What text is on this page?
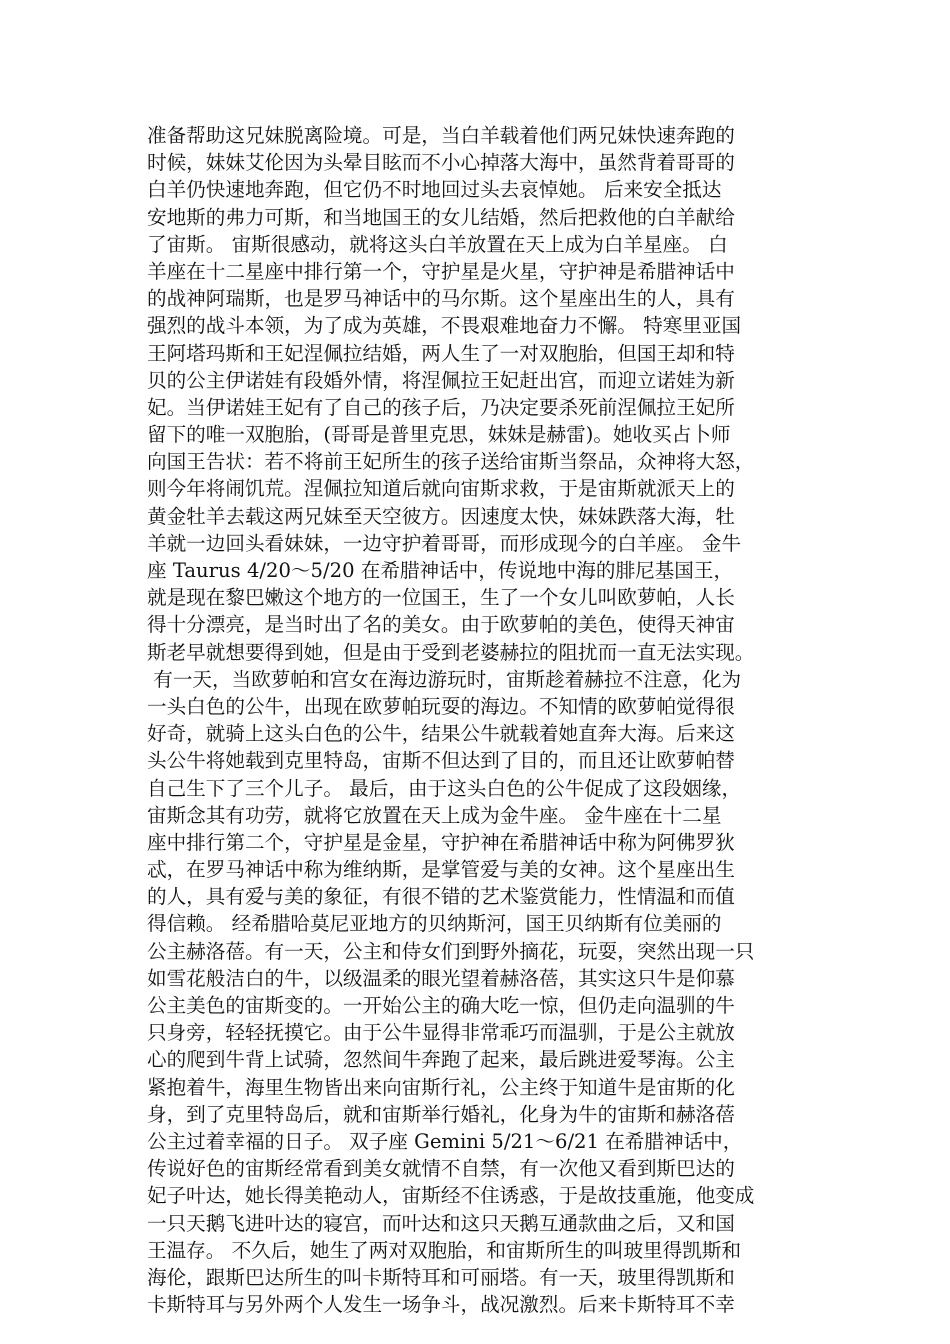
准备帮助这兄妹脱离险境。可是，当白羊载着他们两兄妹快速奔跑的
时候，妹妹艾伦因为头晕目眩而不小心掉落大海中，虽然背着哥哥的
白羊仍快速地奔跑，但它仍不时地回过头去哀悼她。 后来安全抵达
安地斯的弗力可斯，和当地国王的女儿结婚，然后把救他的白羊献给
了宙斯。 宙斯很感动，就将这头白羊放置在天上成为白羊星座。 白
羊座在十二星座中排行第一个，守护星是火星，守护神是希腊神话中
的战神阿瑞斯，也是罗马神话中的马尔斯。这个星座出生的人，具有
强烈的战斗本领，为了成为英雄，不畏艰难地奋力不懈。 特寒里亚国
王阿塔玛斯和王妃涅佩拉结婚，两人生了一对双胞胎，但国王却和特
贝的公主伊诺娃有段婚外情，将涅佩拉王妃赶出宫，而迎立诺娃为新
妃。当伊诺娃王妃有了自己的孩子后，乃决定要杀死前涅佩拉王妃所
留下的唯一双胞胎，(哥哥是普里克思，妹妹是赫雷)。她收买占卜师
向国王告状：若不将前王妃所生的孩子送给宙斯当祭品，众神将大怒，
则今年将闹饥荒。涅佩拉知道后就向宙斯求救，于是宙斯就派天上的
黄金牡羊去载这两兄妹至天空彼方。因速度太快，妹妹跌落大海，牡
羊就一边回头看妹妹，一边守护着哥哥，而形成现今的白羊座。 金牛
座 Taurus 4/20～5/20 在希腊神话中，传说地中海的腓尼基国王，
就是现在黎巴嫩这个地方的一位国王，生了一个女儿叫欧萝帕，人长
得十分漂亮，是当时出了名的美女。由于欧萝帕的美色，使得天神宙
斯老早就想要得到她，但是由于受到老婆赫拉的阻扰而一直无法实现。
有一天，当欧萝帕和宫女在海边游玩时，宙斯趁着赫拉不注意，化为
一头白色的公牛，出现在欧萝帕玩耍的海边。不知情的欧萝帕觉得很
好奇，就骑上这头白色的公牛，结果公牛就载着她直奔大海。后来这
头公牛将她载到克里特岛，宙斯不但达到了目的，而且还让欧萝帕替
自己生下了三个儿子。 最后，由于这头白色的公牛促成了这段姻缘，
宙斯念其有功劳，就将它放置在天上成为金牛座。 金牛座在十二星
座中排行第二个，守护星是金星，守护神在希腊神话中称为阿佛罗狄
忒，在罗马神话中称为维纳斯，是掌管爱与美的女神。这个星座出生
的人，具有爱与美的象征，有很不错的艺术鉴赏能力，性情温和而值
得信赖。 经希腊哈莫尼亚地方的贝纳斯河，国王贝纳斯有位美丽的
公主赫洛蓓。有一天，公主和侍女们到野外摘花，玩耍，突然出现一只
如雪花般洁白的牛，以级温柔的眼光望着赫洛蓓，其实这只牛是仰慕
公主美色的宙斯变的。一开始公主的确大吃一惊，但仍走向温驯的牛
只身旁，轻轻抚摸它。由于公牛显得非常乖巧而温驯，于是公主就放
心的爬到牛背上试骑，忽然间牛奔跑了起来，最后跳进爱琴海。公主
紧抱着牛，海里生物皆出来向宙斯行礼，公主终于知道牛是宙斯的化
身，到了克里特岛后，就和宙斯举行婚礼，化身为牛的宙斯和赫洛蓓
公主过着幸福的日子。 双子座 Gemini 5/21～6/21 在希腊神话中，
传说好色的宙斯经常看到美女就情不自禁，有一次他又看到斯巴达的
妃子叶达，她长得美艳动人，宙斯经不住诱惑，于是故技重施，他变成
一只天鹅飞进叶达的寝宫，而叶达和这只天鹅互通款曲之后，又和国
王温存。 不久后，她生了两对双胞胎，和宙斯所生的叫玻里得凯斯和
海伦，跟斯巴达所生的叫卡斯特耳和可丽塔。有一天，玻里得凯斯和
卡斯特耳与另外两个人发生一场争斗，战况激烈。后来卡斯特耳不幸
